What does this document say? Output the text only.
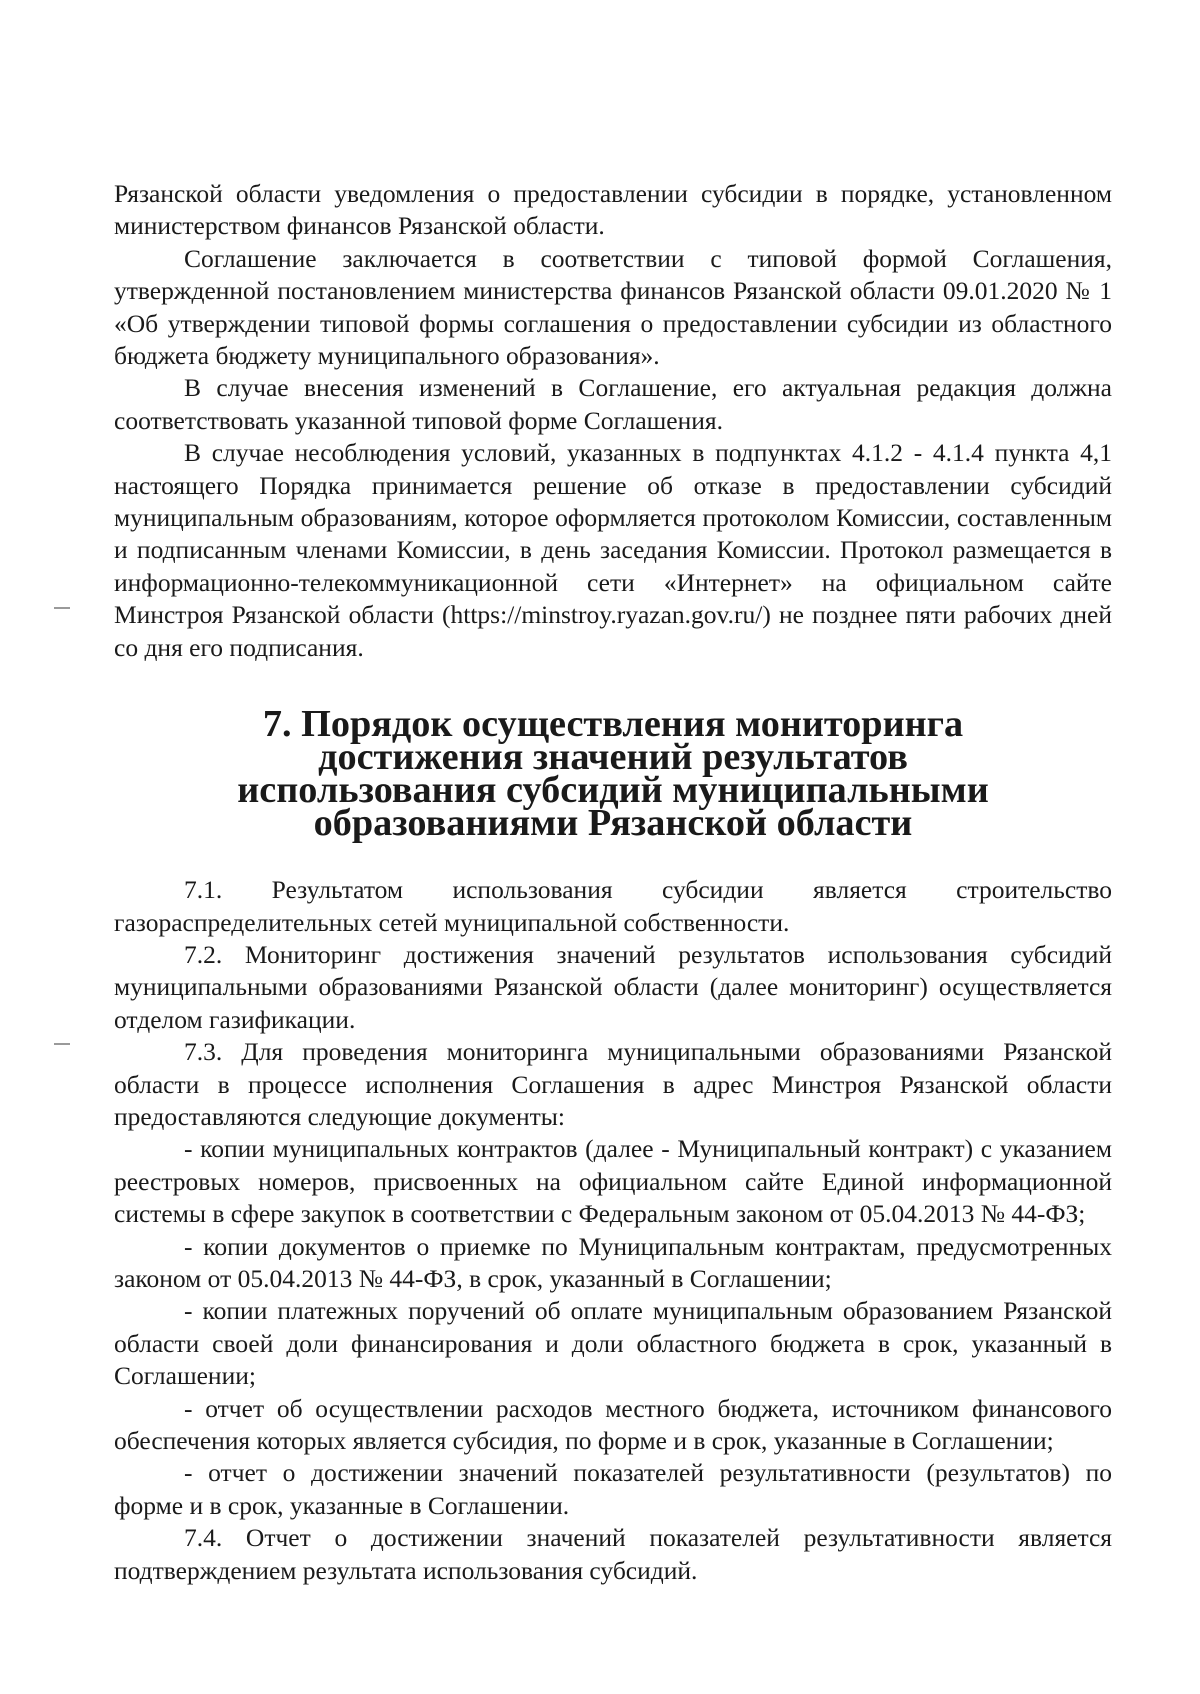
Рязанской области уведомления о предоставлении субсидии в порядке, установленном министерством финансов Рязанской области.

Соглашение заключается в соответствии с типовой формой Соглашения, утвержденной постановлением министерства финансов Рязанской области 09.01.2020 № 1 «Об утверждении типовой формы соглашения о предоставлении субсидии из областного бюджета бюджету муниципального образования».

В случае внесения изменений в Соглашение, его актуальная редакция должна соответствовать указанной типовой форме Соглашения.

В случае несоблюдения условий, указанных в подпунктах 4.1.2 - 4.1.4 пункта 4,1 настоящего Порядка принимается решение об отказе в предоставлении субсидий муниципальным образованиям, которое оформляется протоколом Комиссии, составленным и подписанным членами Комиссии, в день заседания Комиссии. Протокол размещается в информационно-телекоммуникационной сети «Интернет» на официальном сайте Минстроя Рязанской области (https://minstroy.ryazan.gov.ru/) не позднее пяти рабочих дней со дня его подписания.

7. Порядок осуществления мониторинга достижения значений результатов использования субсидий муниципальными образованиями Рязанской области

7.1. Результатом использования субсидии является строительство газораспределительных сетей муниципальной собственности.

7.2. Мониторинг достижения значений результатов использования субсидий муниципальными образованиями Рязанской области (далее мониторинг) осуществляется отделом газификации.

7.3. Для проведения мониторинга муниципальными образованиями Рязанской области в процессе исполнения Соглашения в адрес Минстроя Рязанской области предоставляются следующие документы:

- копии муниципальных контрактов (далее - Муниципальный контракт) с указанием реестровых номеров, присвоенных на официальном сайте Единой информационной системы в сфере закупок в соответствии с Федеральным законом от 05.04.2013 № 44-ФЗ;

- копии документов о приемке по Муниципальным контрактам, предусмотренных законом от 05.04.2013 № 44-ФЗ, в срок, указанный в Соглашении;

- копии платежных поручений об оплате муниципальным образованием Рязанской области своей доли финансирования и доли областного бюджета в срок, указанный в Соглашении;

- отчет об осуществлении расходов местного бюджета, источником финансового обеспечения которых является субсидия, по форме и в срок, указанные в Соглашении;

- отчет о достижении значений показателей результативности (результатов) по форме и в срок, указанные в Соглашении.

7.4. Отчет о достижении значений показателей результативности является подтверждением результата использования субсидий.
